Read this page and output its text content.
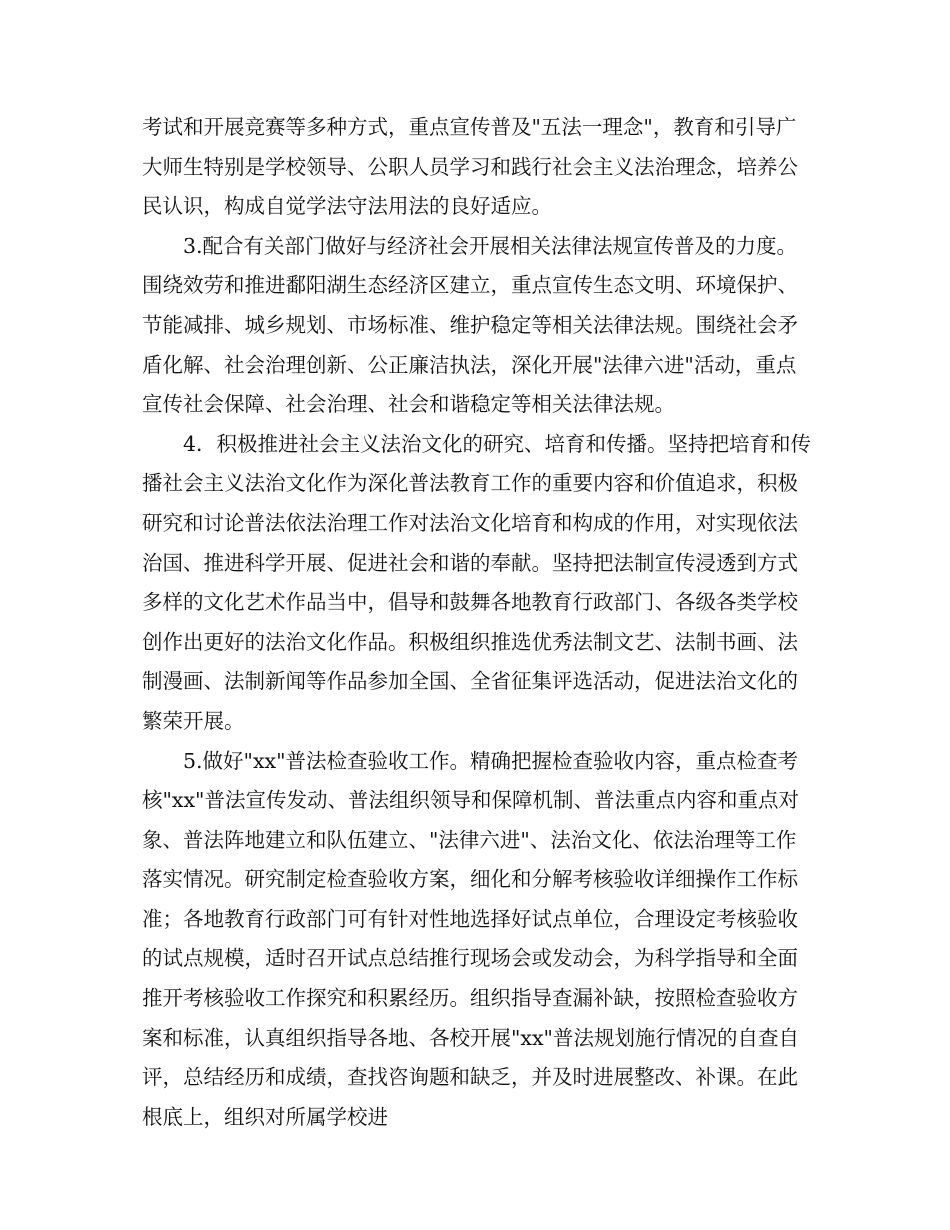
考试和开展竞赛等多种方式，重点宣传普及"五法一理念"，教育和引导广大师生特别是学校领导、公职人员学习和践行社会主义法治理念，培养公民认识，构成自觉学法守法用法的良好适应。

3.配合有关部门做好与经济社会开展相关法律法规宣传普及的力度。围绕效劳和推进鄱阳湖生态经济区建立，重点宣传生态文明、环境保护、节能减排、城乡规划、市场标准、维护稳定等相关法律法规。围绕社会矛盾化解、社会治理创新、公正廉洁执法，深化开展"法律六进"活动，重点宣传社会保障、社会治理、社会和谐稳定等相关法律法规。

4．积极推进社会主义法治文化的研究、培育和传播。坚持把培育和传播社会主义法治文化作为深化普法教育工作的重要内容和价值追求，积极研究和讨论普法依法治理工作对法治文化培育和构成的作用，对实现依法治国、推进科学开展、促进社会和谐的奉献。坚持把法制宣传浸透到方式多样的文化艺术作品当中，倡导和鼓舞各地教育行政部门、各级各类学校创作出更好的法治文化作品。积极组织推选优秀法制文艺、法制书画、法制漫画、法制新闻等作品参加全国、全省征集评选活动，促进法治文化的繁荣开展。

5.做好"xx"普法检查验收工作。精确把握检查验收内容，重点检查考核"xx"普法宣传发动、普法组织领导和保障机制、普法重点内容和重点对象、普法阵地建立和队伍建立、"法律六进"、法治文化、依法治理等工作落实情况。研究制定检查验收方案，细化和分解考核验收详细操作工作标准；各地教育行政部门可有针对性地选择好试点单位，合理设定考核验收的试点规模，适时召开试点总结推行现场会或发动会，为科学指导和全面推开考核验收工作探究和积累经历。组织指导查漏补缺，按照检查验收方案和标准，认真组织指导各地、各校开展"xx"普法规划施行情况的自查自评，总结经历和成绩，查找咨询题和缺乏，并及时进展整改、补课。在此根底上，组织对所属学校进
